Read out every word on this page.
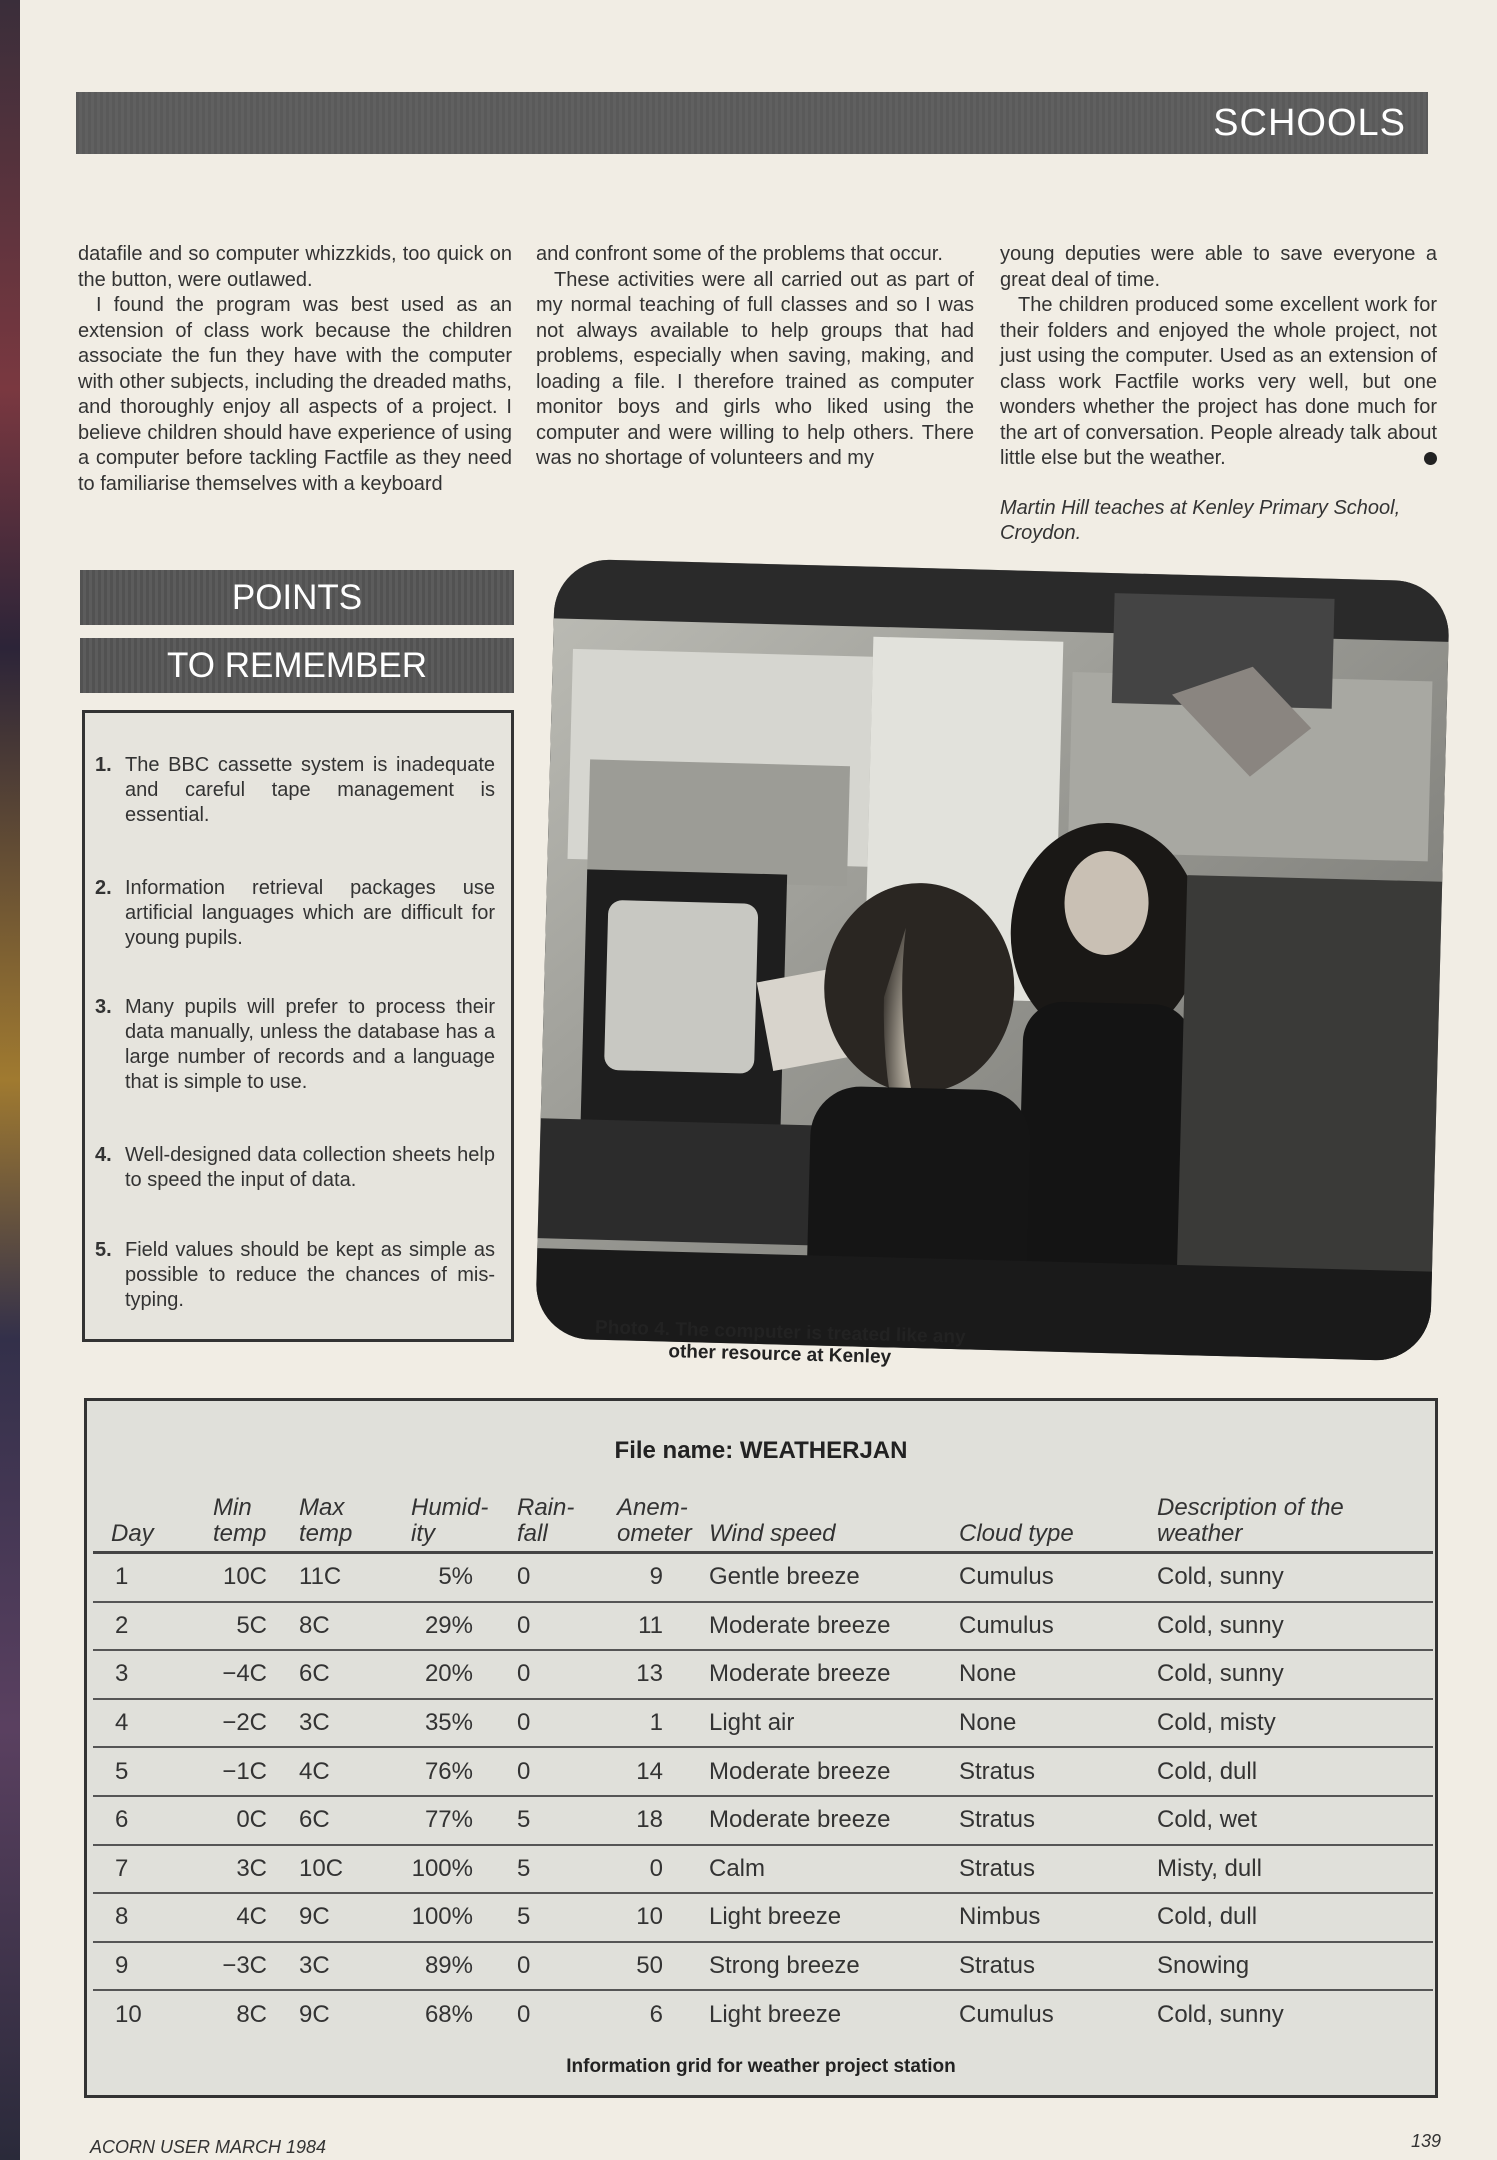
SCHOOLS

datafile and so computer whizzkids, too quick on the button, were outlawed.

I found the program was best used as an extension of class work because the children associate the fun they have with the computer with other subjects, including the dreaded maths, and thoroughly enjoy all aspects of a project. I believe children should have experience of using a computer before tackling Factfile as they need to familiarise themselves with a keyboard

and confront some of the problems that occur.

These activities were all carried out as part of my normal teaching of full classes and so I was not always available to help groups that had problems, especially when saving, making, and loading a file. I therefore trained as computer monitor boys and girls who liked using the computer and were willing to help others. There was no shortage of volunteers and my

young deputies were able to save everyone a great deal of time.

The children produced some excellent work for their folders and enjoyed the whole project, not just using the computer. Used as an extension of class work Factfile works very well, but one wonders whether the project has done much for the art of conversation. People already talk about little else but the weather.

Martin Hill teaches at Kenley Primary School, Croydon.

POINTS
TO REMEMBER
1. The BBC cassette system is inadequate and careful tape management is essential.
2. Information retrieval packages use artificial languages which are difficult for young pupils.
3. Many pupils will prefer to process their data manually, unless the database has a large number of records and a language that is simple to use.
4. Well-designed data collection sheets help to speed the input of data.
5. Field values should be kept as simple as possible to reduce the chances of mis-typing.
Photo 4. The computer is treated like any other resource at Kenley
File name: WEATHERJAN
Day	Min temp	Max temp	Humid- ity	Rain- fall	Anem- ometer	Wind speed	Cloud type	Description of the weather
1	10C	11C	5%	0	9	Gentle breeze	Cumulus	Cold, sunny
2	5C	8C	29%	0	11	Moderate breeze	Cumulus	Cold, sunny
3	−4C	6C	20%	0	13	Moderate breeze	None	Cold, sunny
4	−2C	3C	35%	0	1	Light air	None	Cold, misty
5	−1C	4C	76%	0	14	Moderate breeze	Stratus	Cold, dull
6	0C	6C	77%	5	18	Moderate breeze	Stratus	Cold, wet
7	3C	10C	100%	5	0	Calm	Stratus	Misty, dull
8	4C	9C	100%	5	10	Light breeze	Nimbus	Cold, dull
9	−3C	3C	89%	0	50	Strong breeze	Stratus	Snowing
10	8C	9C	68%	0	6	Light breeze	Cumulus	Cold, sunny
Information grid for weather project station
ACORN USER MARCH 1984	139
